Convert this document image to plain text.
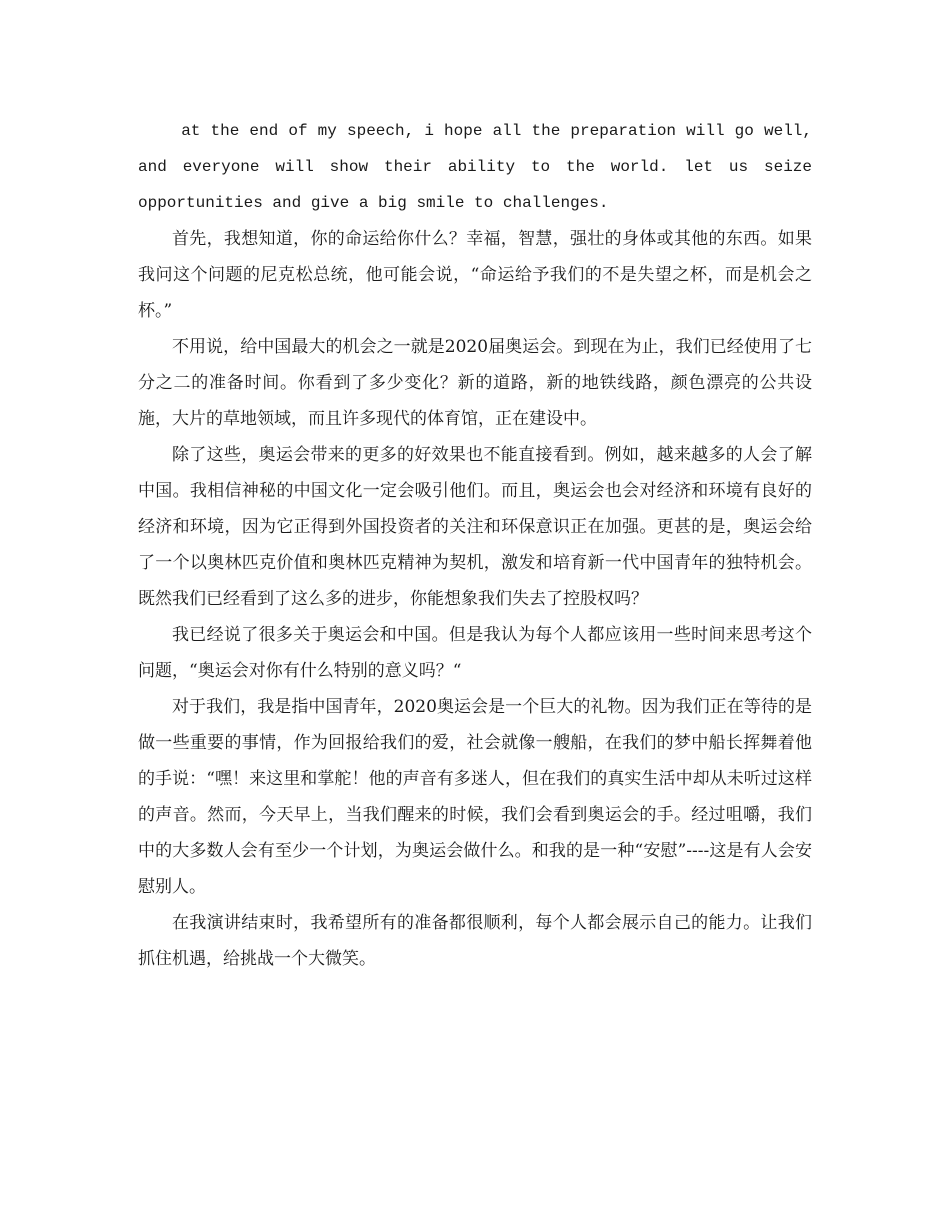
at the end of my speech, i hope all the preparation will go well, and everyone will show their ability to the world. let us seize opportunities and give a big smile to challenges.

首先，我想知道，你的命运给你什么？幸福，智慧，强壮的身体或其他的东西。如果我问这个问题的尼克松总统，他可能会说，“命运给予我们的不是失望之杯，而是机会之杯。”

不用说，给中国最大的机会之一就是2020届奥运会。到现在为止，我们已经使用了七分之二的准备时间。你看到了多少变化？新的道路，新的地铁线路，颜色漂亮的公共设施，大片的草地领域，而且许多现代的体育馆，正在建设中。

除了这些，奥运会带来的更多的好效果也不能直接看到。例如，越来越多的人会了解中国。我相信神秘的中国文化一定会吸引他们。而且，奥运会也会对经济和环境有良好的经济和环境，因为它正得到外国投资者的关注和环保意识正在加强。更甚的是，奥运会给了一个以奥林匹克价值和奥林匹克精神为契机，激发和培育新一代中国青年的独特机会。既然我们已经看到了这么多的进步，你能想象我们失去了控股权吗？

我已经说了很多关于奥运会和中国。但是我认为每个人都应该用一些时间来思考这个问题，“奥运会对你有什么特别的意义吗？“

对于我们，我是指中国青年，2020奥运会是一个巨大的礼物。因为我们正在等待的是做一些重要的事情，作为回报给我们的爱，社会就像一艘船，在我们的梦中船长挥舞着他的手说：“嘿！来这里和掌舵！他的声音有多迷人，但在我们的真实生活中却从未听过这样的声音。然而，今天早上，当我们醒来的时候，我们会看到奥运会的手。经过咀嚼，我们中的大多数人会有至少一个计划，为奥运会做什么。和我的是一种“安慰”----这是有人会安慰别人。

在我演讲结束时，我希望所有的准备都很顺利，每个人都会展示自己的能力。让我们抓住机遇，给挑战一个大微笑。
